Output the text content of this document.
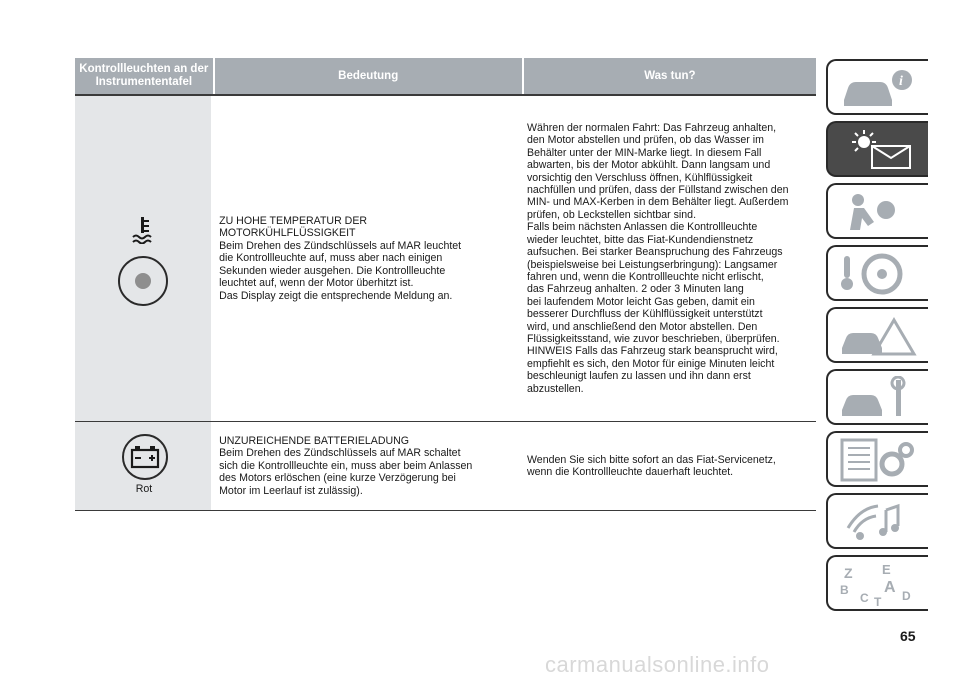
Kontrollleuchten an der Instrumententafel
Bedeutung	Was tun?
ZU HOHE TEMPERATUR DER
MOTORKÜHLFLÜSSIGKEIT
Beim Drehen des Zündschlüssels auf MAR leuchtet
die Kontrollleuchte auf, muss aber nach einigen
Sekunden wieder ausgehen. Die Kontrollleuchte
leuchtet auf, wenn der Motor überhitzt ist.
Das Display zeigt die entsprechende Meldung an.
Währen der normalen Fahrt: Das Fahrzeug anhalten,
den Motor abstellen und prüfen, ob das Wasser im
Behälter unter der MIN-Marke liegt. In diesem Fall
abwarten, bis der Motor abkühlt. Dann langsam und
vorsichtig den Verschluss öffnen, Kühlflüssigkeit
nachfüllen und prüfen, dass der Füllstand zwischen den
MIN- und MAX-Kerben in dem Behälter liegt. Außerdem
prüfen, ob Leckstellen sichtbar sind.
Falls beim nächsten Anlassen die Kontrollleuchte
wieder leuchtet, bitte das Fiat-Kundendienstnetz
aufsuchen. Bei starker Beanspruchung des Fahrzeugs
(beispielsweise bei Leistungserbringung): Langsamer
fahren und, wenn die Kontrollleuchte nicht erlischt,
das Fahrzeug anhalten. 2 oder 3 Minuten lang
bei laufendem Motor leicht Gas geben, damit ein
besserer Durchfluss der Kühlflüssigkeit unterstützt
wird, und anschließend den Motor abstellen. Den
Flüssigkeitsstand, wie zuvor beschrieben, überprüfen.
HINWEIS Falls das Fahrzeug stark beansprucht wird,
empfiehlt es sich, den Motor für einige Minuten leicht
beschleunigt laufen zu lassen und ihn dann erst
abzustellen.
Rot
UNZUREICHENDE BATTERIELADUNG
Beim Drehen des Zündschlüssels auf MAR schaltet
sich die Kontrollleuchte ein, muss aber beim Anlassen
des Motors erlöschen (eine kurze Verzögerung bei
Motor im Leerlauf ist zulässig).
Wenden Sie sich bitte sofort an das Fiat-Servicenetz,
wenn die Kontrollleuchte dauerhaft leuchtet.
i
Z E
A
B
C T D
65
carmanualsonline.info
